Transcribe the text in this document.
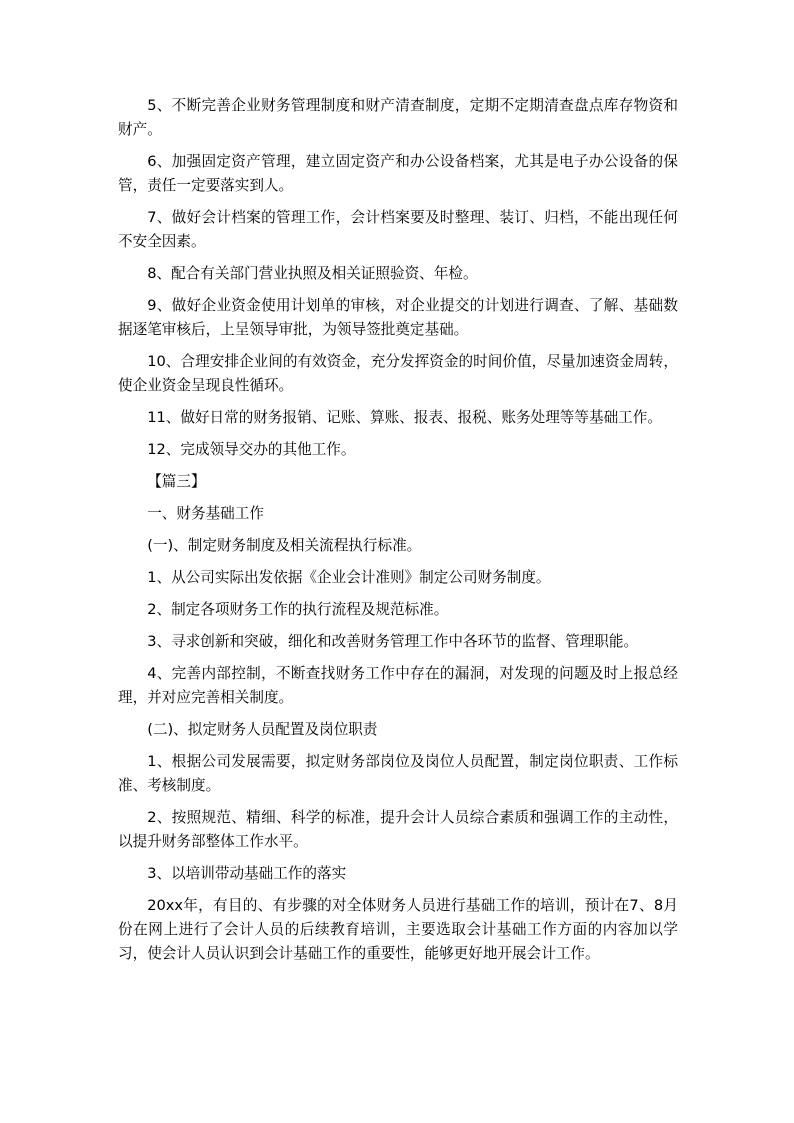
5、不断完善企业财务管理制度和财产清查制度，定期不定期清查盘点库存物资和财产。

6、加强固定资产管理，建立固定资产和办公设备档案，尤其是电子办公设备的保管，责任一定要落实到人。

7、做好会计档案的管理工作，会计档案要及时整理、装订、归档，不能出现任何不安全因素。

8、配合有关部门营业执照及相关证照验资、年检。

9、做好企业资金使用计划单的审核，对企业提交的计划进行调查、了解、基础数据逐笔审核后，上呈领导审批，为领导签批奠定基础。

10、合理安排企业间的有效资金，充分发挥资金的时间价值，尽量加速资金周转，使企业资金呈现良性循环。

11、做好日常的财务报销、记账、算账、报表、报税、账务处理等等基础工作。

12、完成领导交办的其他工作。

【篇三】

一、财务基础工作

(一)、制定财务制度及相关流程执行标准。

1、从公司实际出发依据《企业会计准则》制定公司财务制度。

2、制定各项财务工作的执行流程及规范标准。

3、寻求创新和突破，细化和改善财务管理工作中各环节的监督、管理职能。

4、完善内部控制，不断查找财务工作中存在的漏洞，对发现的问题及时上报总经理，并对应完善相关制度。

(二)、拟定财务人员配置及岗位职责

1、根据公司发展需要，拟定财务部岗位及岗位人员配置，制定岗位职责、工作标准、考核制度。

2、按照规范、精细、科学的标准，提升会计人员综合素质和强调工作的主动性，以提升财务部整体工作水平。

3、以培训带动基础工作的落实

20xx年，有目的、有步骤的对全体财务人员进行基础工作的培训，预计在7、8月份在网上进行了会计人员的后续教育培训，主要选取会计基础工作方面的内容加以学习，使会计人员认识到会计基础工作的重要性，能够更好地开展会计工作。
